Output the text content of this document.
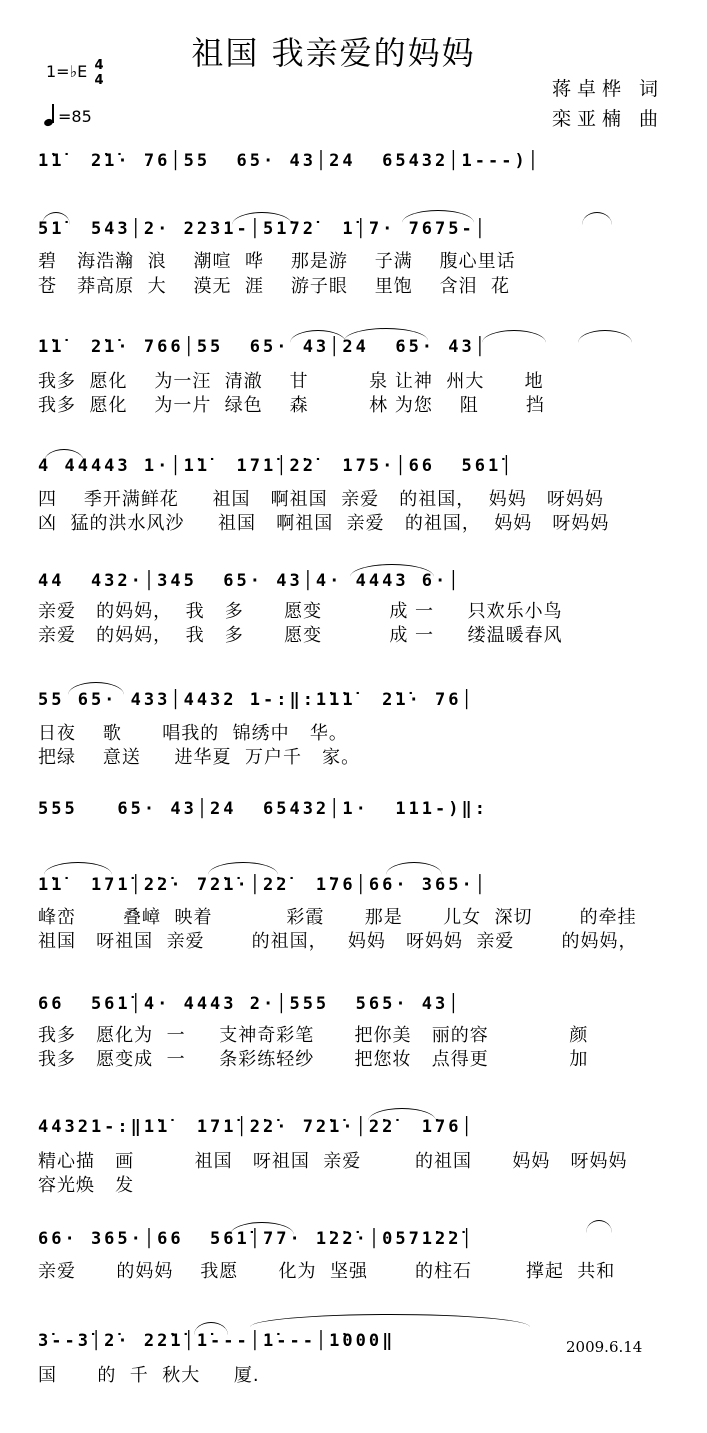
祖国 我亲爱的妈妈
1=♭E 4
4
=85
蒋卓桦 词
栾亚楠 曲
1̇1̇  2̇1̇· 76│55  65· 43│24  65432│1---)│
51̇  543│2· 2231-│51̇72̇  1̇│7· 7675-│
碧   海浩瀚  浪    潮喧  哗    那是游    子满    腹心里话
苍   莽高原  大    漠无  涯    游子眼    里饱    含泪  花
1̇1̇  2̇1̇· 766│55  65· 43│24  65· 43│
我多  愿化    为一汪  清澈    甘         泉 让神  州大      地
我多  愿化    为一片  绿色    森         林 为您    阻       挡
4 44443 1·│1̇1̇  171̇│2̇2̇  175·│66  561̇│
四    季开满鲜花     祖国   啊祖国  亲爱   的祖国，  妈妈   呀妈妈
凶  猛的洪水风沙     祖国   啊祖国  亲爱   的祖国，  妈妈   呀妈妈
44  432·│345  65· 43│4· 4443 6·│
亲爱   的妈妈，  我   多      愿变          成 一     只欢乐小鸟
亲爱   的妈妈，  我   多      愿变          成 一     缕温暖春风
55 65· 433│4432 1-:‖:1̇1̇1̇  2̇1̇· 76│
日夜    歌      唱我的  锦绣中   华。
把绿    意送     进华夏  万户千   家。
555   65· 43│24  65432│1·  111-)‖:
1̇1̇  171̇│2̇2̇· 72̇1̇·│2̇2̇  1̇76│66· 365·│
峰峦       叠嶂  映着           彩霞      那是      儿女  深切       的牵挂
祖国   呀祖国  亲爱       的祖国，   妈妈   呀妈妈  亲爱       的妈妈，
66  561̇│4· 4443 2·│555  565· 43│
我多   愿化为  一     支神奇彩笔      把你美   丽的容            颜
我多   愿变成  一     条彩练轻纱      把您妆   点得更            加
44321-:‖1̇1̇  171̇│2̇2̇· 72̇1̇·│2̇2̇  1̇76│
精心描   画         祖国   呀祖国  亲爱        的祖国      妈妈   呀妈妈
容光焕   发
66· 365·│66  561̇│77· 1̇2̇2̇·│0571̇2̇2̇│
亲爱      的妈妈    我愿      化为  坚强       的柱石        撑起  共和
3̇--3̇│2̇· 22̇1̇│1̇---│1̇---│1̇000‖
国      的  千  秋大     厦.
2009.6.14
